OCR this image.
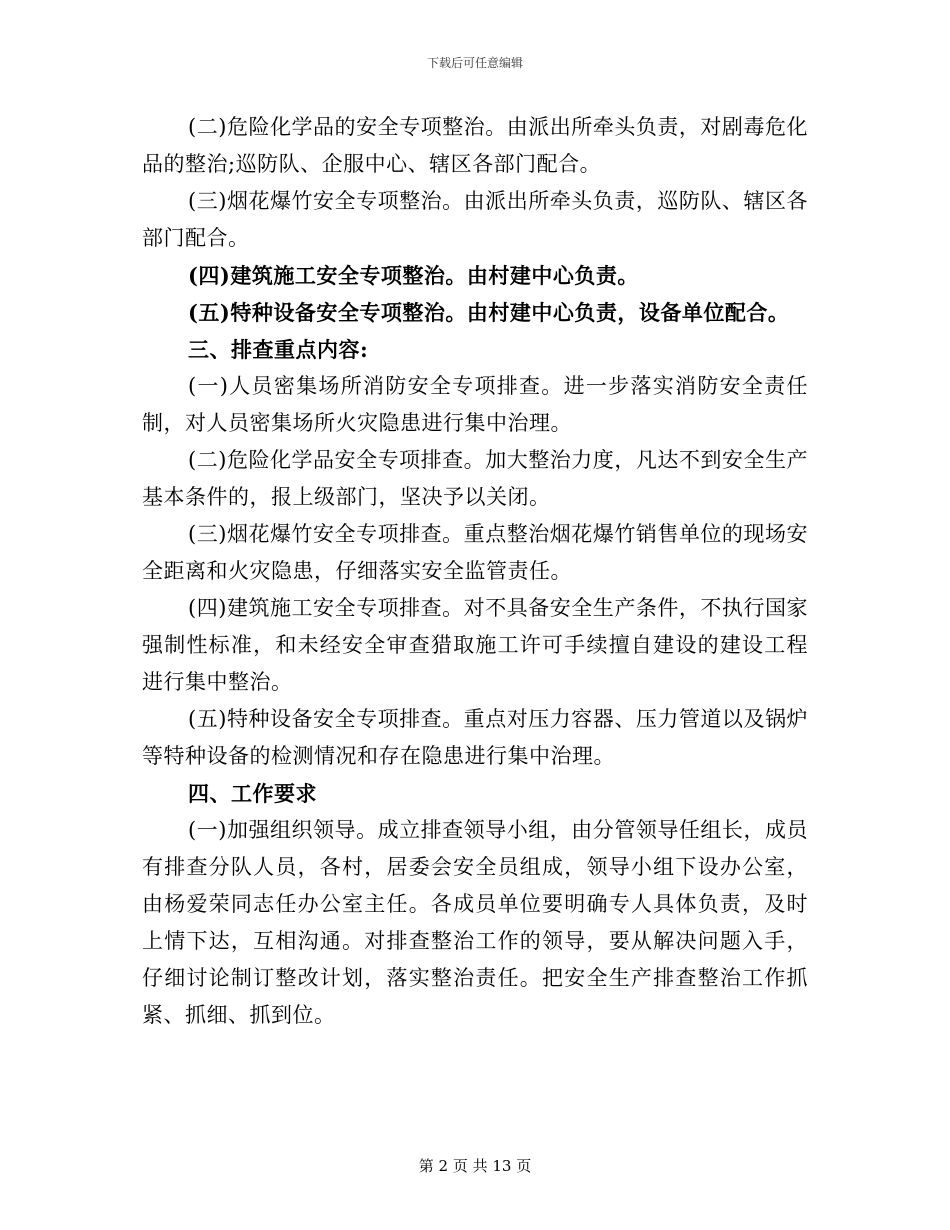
下载后可任意编辑

(二)危险化学品的安全专项整治。由派出所牵头负责，对剧毒危化品的整治;巡防队、企服中心、辖区各部门配合。

(三)烟花爆竹安全专项整治。由派出所牵头负责，巡防队、辖区各部门配合。

(四)建筑施工安全专项整治。由村建中心负责。

(五)特种设备安全专项整治。由村建中心负责，设备单位配合。

三、排查重点内容:

(一)人员密集场所消防安全专项排查。进一步落实消防安全责任制，对人员密集场所火灾隐患进行集中治理。

(二)危险化学品安全专项排查。加大整治力度，凡达不到安全生产基本条件的，报上级部门，坚决予以关闭。

(三)烟花爆竹安全专项排查。重点整治烟花爆竹销售单位的现场安全距离和火灾隐患，仔细落实安全监管责任。

(四)建筑施工安全专项排查。对不具备安全生产条件，不执行国家强制性标准，和未经安全审查猎取施工许可手续擅自建设的建设工程进行集中整治。

(五)特种设备安全专项排查。重点对压力容器、压力管道以及锅炉等特种设备的检测情况和存在隐患进行集中治理。

四、工作要求

(一)加强组织领导。成立排查领导小组，由分管领导任组长，成员有排查分队人员，各村，居委会安全员组成，领导小组下设办公室，由杨爱荣同志任办公室主任。各成员单位要明确专人具体负责，及时上情下达，互相沟通。对排查整治工作的领导，要从解决问题入手，仔细讨论制订整改计划，落实整治责任。把安全生产排查整治工作抓紧、抓细、抓到位。

第 2 页 共 13 页
